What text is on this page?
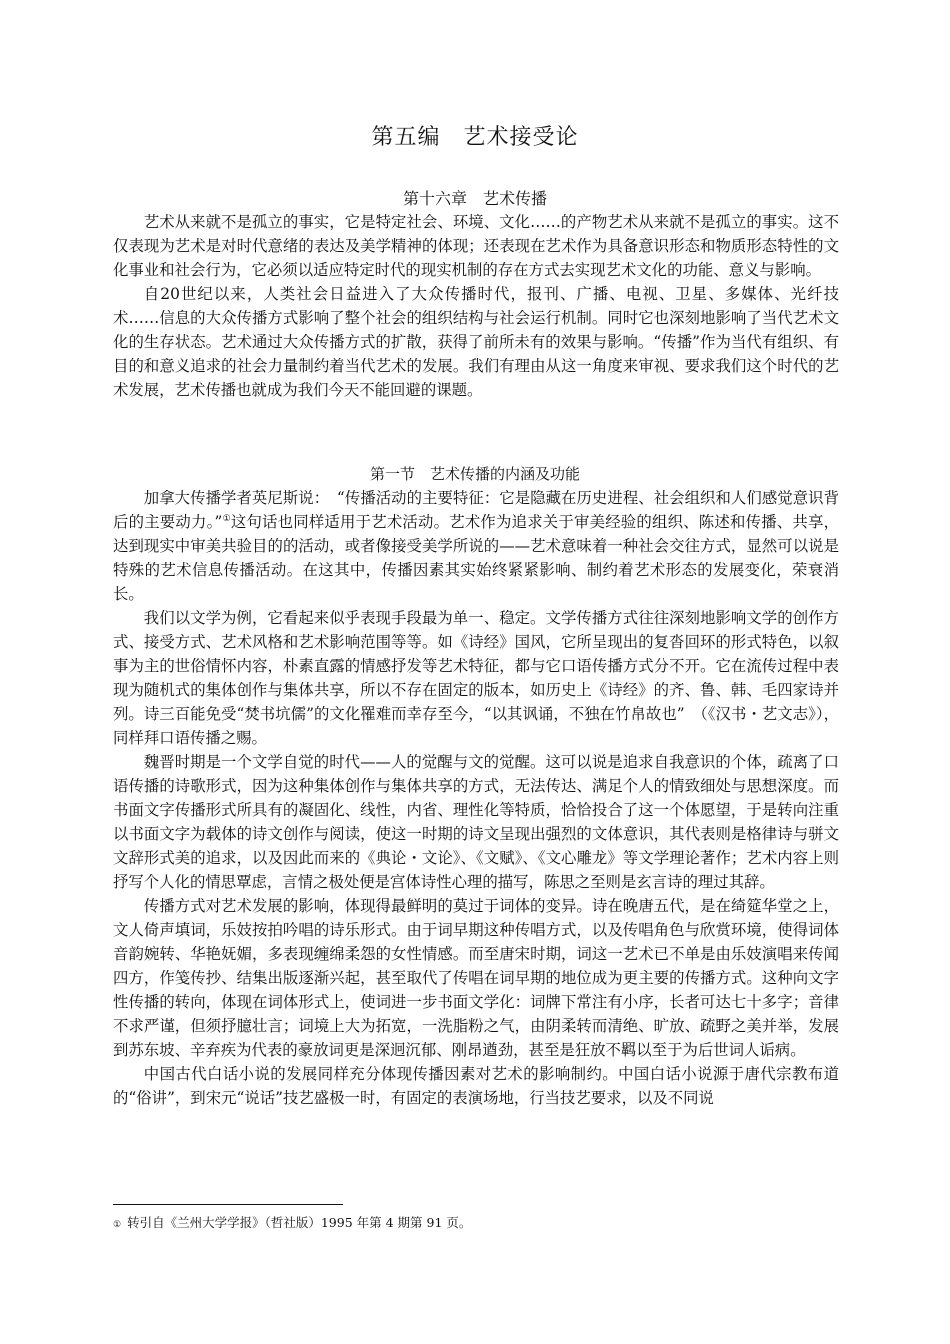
第五编　艺术接受论
第十六章　艺术传播

艺术从来就不是孤立的事实，它是特定社会、环境、文化……的产物艺术从来就不是孤立的事实。这不仅表现为艺术是对时代意绪的表达及美学精神的体现；还表现在艺术作为具备意识形态和物质形态特性的文化事业和社会行为，它必须以适应特定时代的现实机制的存在方式去实现艺术文化的功能、意义与影响。

自20世纪以来，人类社会日益进入了大众传播时代，报刊、广播、电视、卫星、多媒体、光纤技术……信息的大众传播方式影响了整个社会的组织结构与社会运行机制。同时它也深刻地影响了当代艺术文化的生存状态。艺术通过大众传播方式的扩散，获得了前所未有的效果与影响。“传播”作为当代有组织、有目的和意义追求的社会力量制约着当代艺术的发展。我们有理由从这一角度来审视、要求我们这个时代的艺术发展，艺术传播也就成为我们今天不能回避的课题。

第一节　艺术传播的内涵及功能

加拿大传播学者英尼斯说：　“传播活动的主要特征：它是隐藏在历史进程、社会组织和人们感觉意识背后的主要动力。”①这句话也同样适用于艺术活动。艺术作为追求关于审美经验的组织、陈述和传播、共享，达到现实中审美共验目的的活动，或者像接受美学所说的——艺术意味着一种社会交往方式，显然可以说是特殊的艺术信息传播活动。在这其中，传播因素其实始终紧紧影响、制约着艺术形态的发展变化，荣衰消长。

我们以文学为例，它看起来似乎表现手段最为单一、稳定。文学传播方式往往深刻地影响文学的创作方式、接受方式、艺术风格和艺术影响范围等等。如《诗经》国风，它所呈现出的复沓回环的形式特色，以叙事为主的世俗情怀内容，朴素直露的情感抒发等艺术特征，都与它口语传播方式分不开。它在流传过程中表现为随机式的集体创作与集体共享，所以不存在固定的版本，如历史上《诗经》的齐、鲁、韩、毛四家诗并列。诗三百能免受“焚书坑儒”的文化罹难而幸存至今，“以其讽诵，不独在竹帛故也”　（《汉书・艺文志》），同样拜口语传播之赐。

魏晋时期是一个文学自觉的时代——人的觉醒与文的觉醒。这可以说是追求自我意识的个体，疏离了口语传播的诗歌形式，因为这种集体创作与集体共享的方式，无法传达、满足个人的情致细处与思想深度。而书面文字传播形式所具有的凝固化、线性，内省、理性化等特质，恰恰投合了这一个体愿望，于是转向注重以书面文字为载体的诗文创作与阅读，使这一时期的诗文呈现出强烈的文体意识，其代表则是格律诗与骈文文辞形式美的追求，以及因此而来的《典论・文论》、《文赋》、《文心雕龙》等文学理论著作；艺术内容上则抒写个人化的情思覃虑，言情之极处便是宫体诗性心理的描写，陈思之至则是玄言诗的理过其辞。

传播方式对艺术发展的影响，体现得最鲜明的莫过于词体的变异。诗在晚唐五代，是在绮筵华堂之上，文人倚声填词，乐妓按拍吟唱的诗乐形式。由于词早期这种传唱方式，以及传唱角色与欣赏环境，使得词体音韵婉转、华艳妩媚，多表现缠绵柔怨的女性情感。而至唐宋时期，词这一艺术已不单是由乐妓演唱来传闻四方，作笺传抄、结集出版逐渐兴起，甚至取代了传唱在词早期的地位成为更主要的传播方式。这种向文字性传播的转向，体现在词体形式上，使词进一步书面文学化：词牌下常注有小序，长者可达七十多字；音律不求严谨，但须抒臆壮言；词境上大为拓宽，一洗脂粉之气，由阴柔转而清绝、旷放、疏野之美并举，发展到苏东坡、辛弃疾为代表的豪放词更是深迥沉郁、刚昂遒劲，甚至是狂放不羁以至于为后世词人诟病。

中国古代白话小说的发展同样充分体现传播因素对艺术的影响制约。中国白话小说源于唐代宗教布道的“俗讲”，到宋元“说话”技艺盛极一时，有固定的表演场地，行当技艺要求，以及不同说

① 转引自《兰州大学学报》（哲社版）1995 年第 4 期第 91 页。
